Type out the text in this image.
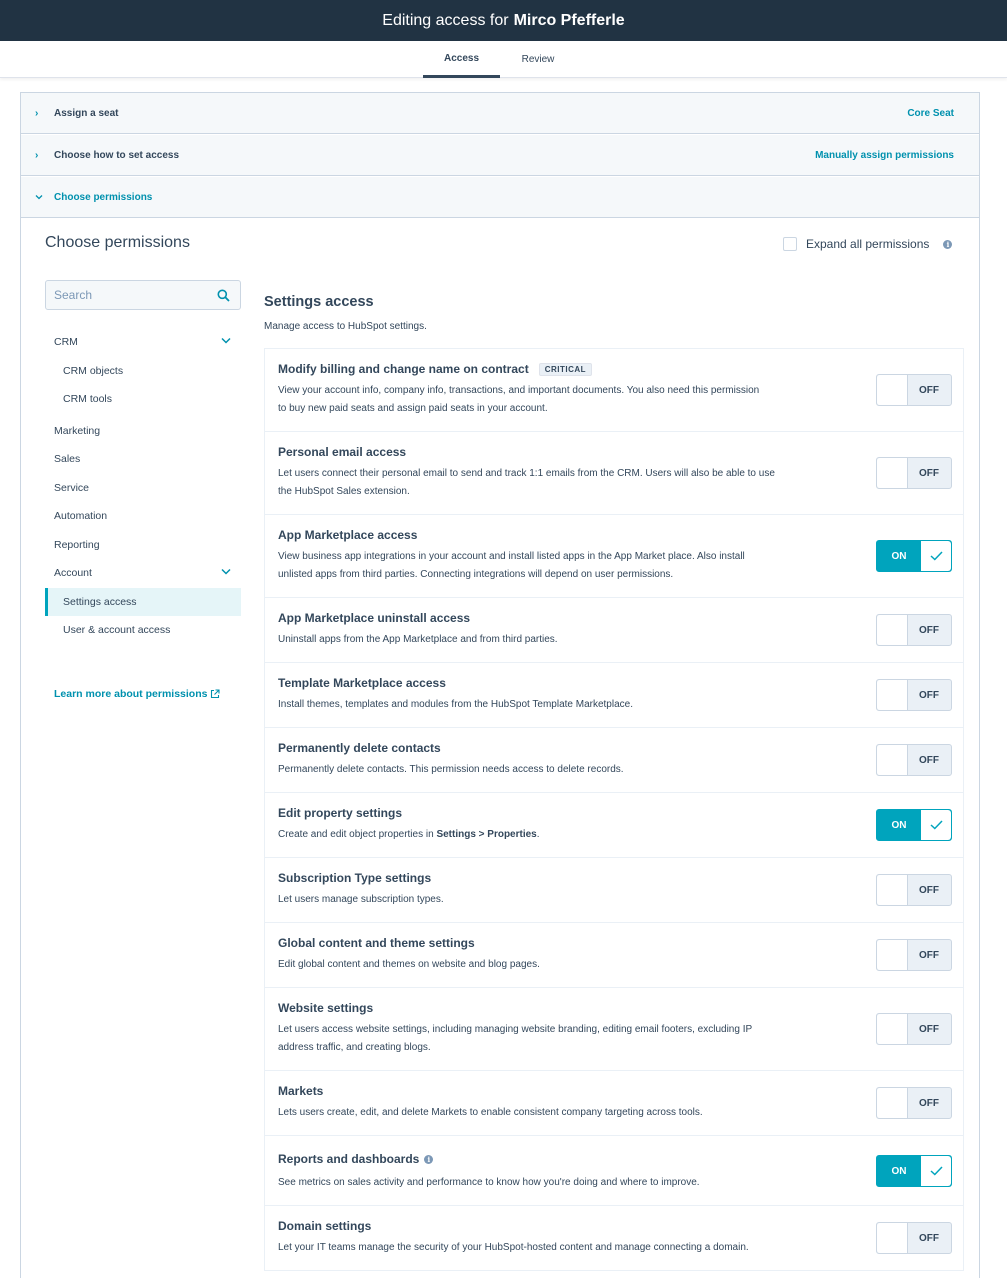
Editing access for Mirco Pfefferle
Access	Review
› Assign a seat	Core Seat
› Choose how to set access	Manually assign permissions
Choose permissions
Choose permissions	Expand all permissions	i
Search
CRM
CRM objects
CRM tools
Marketing
Sales
Service
Automation
Reporting
Account
Settings access
User & account access
Learn more about permissions
Settings access
Manage access to HubSpot settings.
Modify billing and change name on contract	CRITICAL
View your account info, company info, transactions, and important documents. You also need this permission
to buy new paid seats and assign paid seats in your account.
OFF
Personal email access
Let users connect their personal email to send and track 1:1 emails from the CRM. Users will also be able to use
the HubSpot Sales extension.
OFF
App Marketplace access
View business app integrations in your account and install listed apps in the App Market place. Also install
unlisted apps from third parties. Connecting integrations will depend on user permissions.
ON
App Marketplace uninstall access
Uninstall apps from the App Marketplace and from third parties.
OFF
Template Marketplace access
Install themes, templates and modules from the HubSpot Template Marketplace.
OFF
Permanently delete contacts
Permanently delete contacts. This permission needs access to delete records.
OFF
Edit property settings
Create and edit object properties in Settings > Properties.
ON
Subscription Type settings
Let users manage subscription types.
OFF
Global content and theme settings
Edit global content and themes on website and blog pages.
OFF
Website settings
Let users access website settings, including managing website branding, editing email footers, excluding IP
address traffic, and creating blogs.
OFF
Markets
Lets users create, edit, and delete Markets to enable consistent company targeting across tools.
OFF
Reports and dashboards	i
See metrics on sales activity and performance to know how you're doing and where to improve.
ON
Domain settings
Let your IT teams manage the security of your HubSpot-hosted content and manage connecting a domain.
OFF
